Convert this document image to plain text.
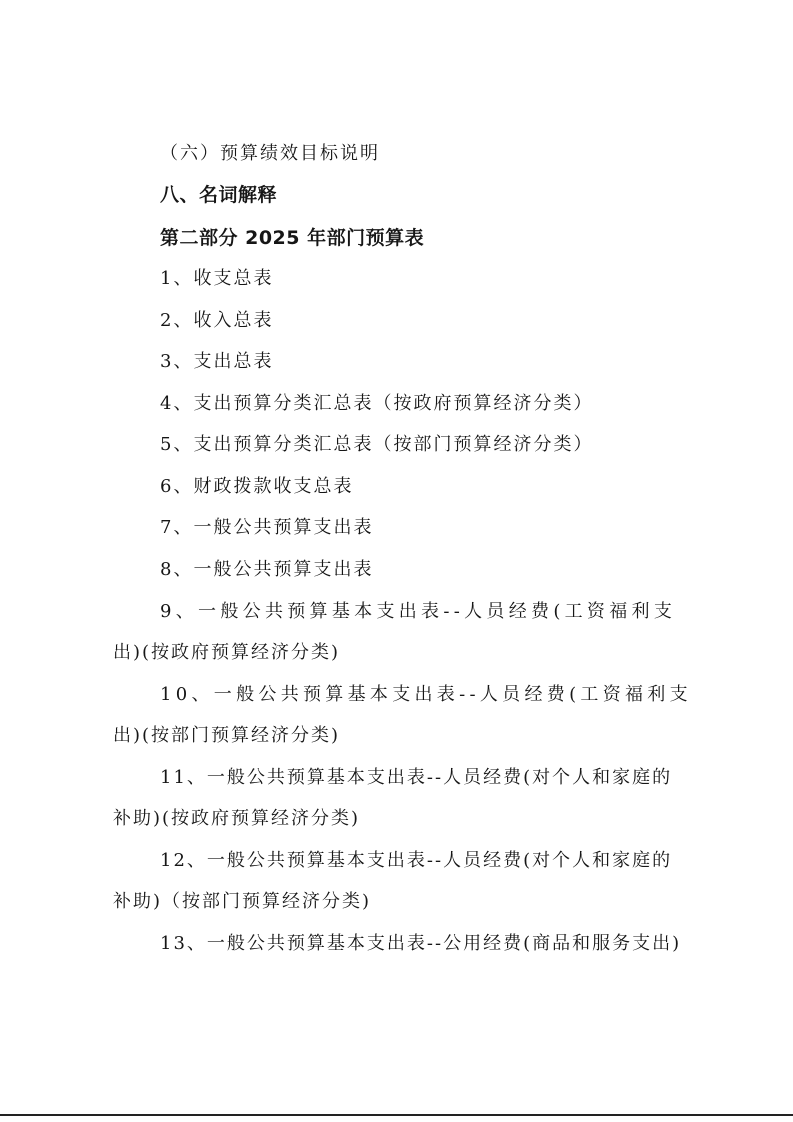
（六）预算绩效目标说明
八、名词解释
第二部分 2025 年部门预算表
1、收支总表
2、收入总表
3、支出总表
4、支出预算分类汇总表（按政府预算经济分类）
5、支出预算分类汇总表（按部门预算经济分类）
6、财政拨款收支总表
7、一般公共预算支出表
8、一般公共预算支出表
9、一般公共预算基本支出表--人员经费(工资福利支
出)(按政府预算经济分类)
10、一般公共预算基本支出表--人员经费(工资福利支
出)(按部门预算经济分类)
11、一般公共预算基本支出表--人员经费(对个人和家庭的
补助)(按政府预算经济分类)
12、一般公共预算基本支出表--人员经费(对个人和家庭的
补助)（按部门预算经济分类)
13、一般公共预算基本支出表--公用经费(商品和服务支出)
